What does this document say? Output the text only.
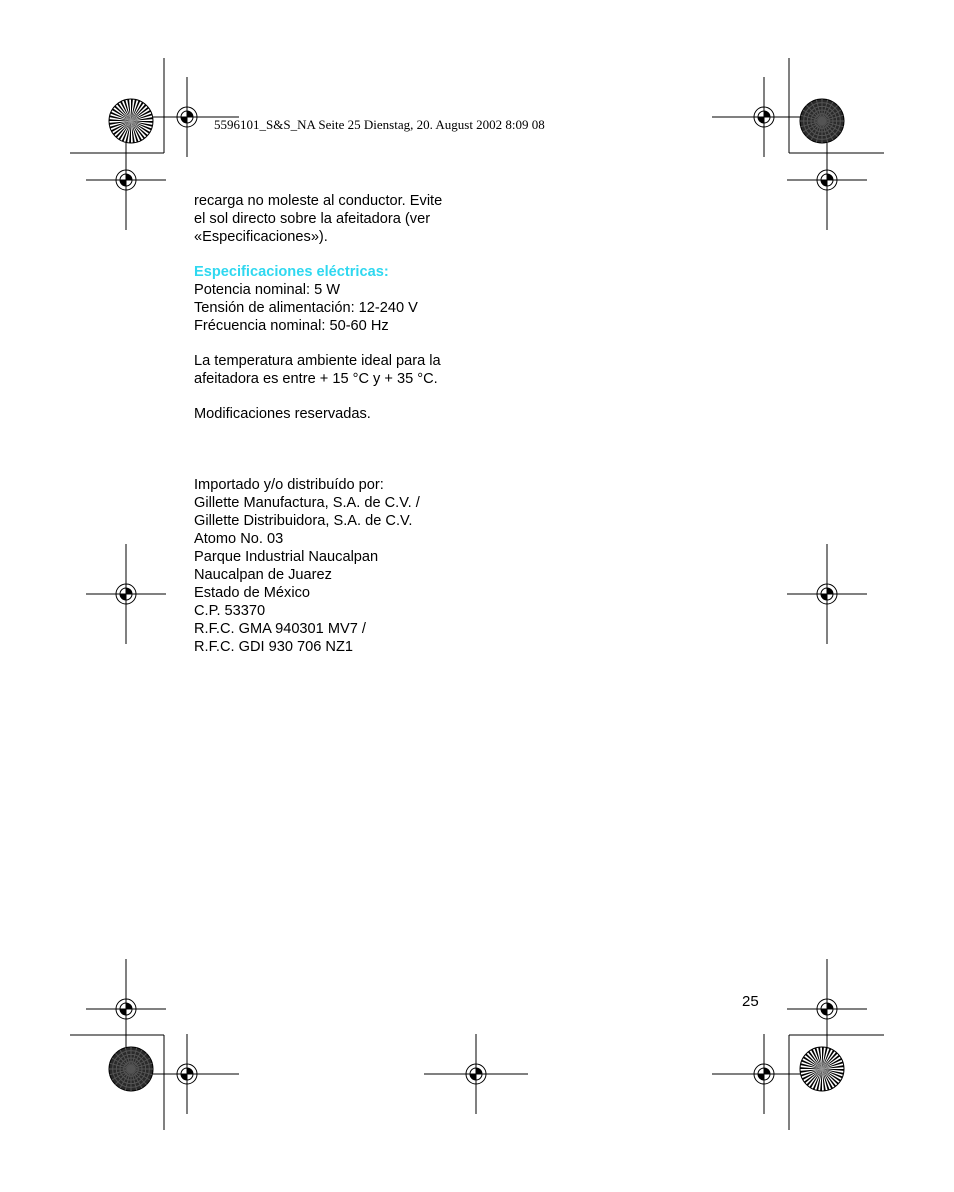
5596101_S&S_NA Seite 25 Dienstag, 20. August 2002 8:09 08

recarga no moleste al conductor. Evite

el sol directo sobre la afeitadora (ver

«Especificaciones»).

Especificaciones eléctricas:

Potencia nominal: 5 W

Tensión de alimentación: 12-240 V

Frécuencia nominal: 50-60 Hz

La temperatura ambiente ideal para la

afeitadora es entre + 15 °C y + 35 °C.

Modificaciones reservadas.

Importado y/o distribuído por:

Gillette Manufactura, S.A. de C.V. /

Gillette Distribuidora, S.A. de C.V.

Atomo No. 03

Parque Industrial Naucalpan

Naucalpan de Juarez

Estado de México

C.P. 53370

R.F.C. GMA 940301 MV7 /

R.F.C. GDI 930 706 NZ1

25
